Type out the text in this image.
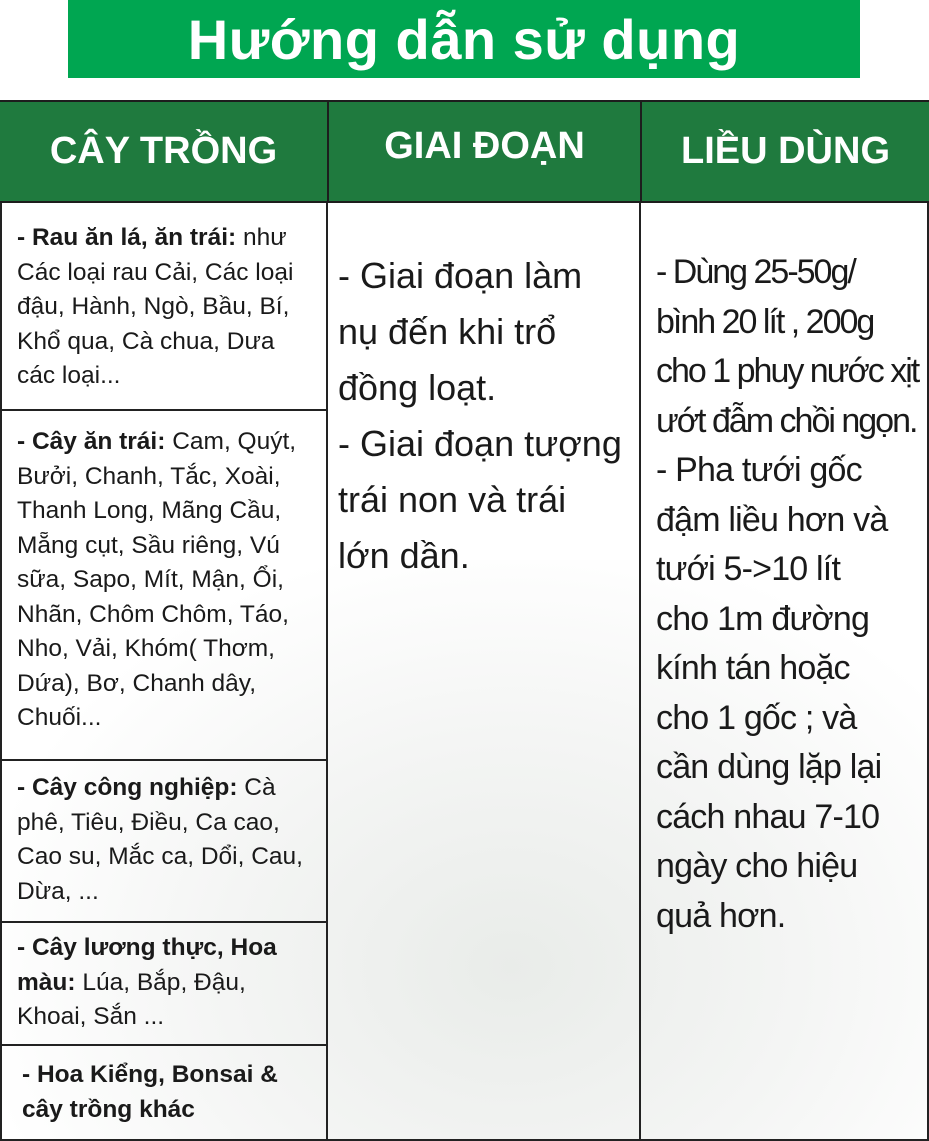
Hướng dẫn sử dụng
CÂY TRỒNG	GIAI ĐOẠN	LIỀU DÙNG
- Rau ăn lá, ăn trái: như Các loại rau Cải, Các loại đậu, Hành, Ngò, Bầu, Bí, Khổ qua, Cà chua, Dưa các loại...
- Cây ăn trái: Cam, Quýt, Bưởi, Chanh, Tắc, Xoài, Thanh Long, Mãng Cầu, Mẵng cụt, Sầu riêng, Vú sữa, Sapo, Mít, Mận, Ổi, Nhãn, Chôm Chôm, Táo, Nho, Vải, Khóm( Thơm, Dứa), Bơ, Chanh dây, Chuối...
- Cây công nghiệp: Cà phê, Tiêu, Điều, Ca cao, Cao su, Mắc ca, Dổi, Cau, Dừa, ...
- Cây lương thực, Hoa màu: Lúa, Bắp, Đậu, Khoai, Sắn ...
- Hoa Kiểng, Bonsai & cây trồng khác
- Giai đoạn làm
nụ đến khi trổ
đồng loạt.
- Giai đoạn tượng
trái non và trái
lớn dần.
- Dùng 25-50g/
bình 20 lít , 200g
cho 1 phuy nước xịt
ướt đẫm chồi ngọn.
- Pha tưới gốc
đậm liều hơn và
tưới 5->10 lít
cho 1m đường
kính tán hoặc
cho 1 gốc ; và
cần dùng lặp lại
cách nhau 7-10
ngày cho hiệu
quả hơn.
